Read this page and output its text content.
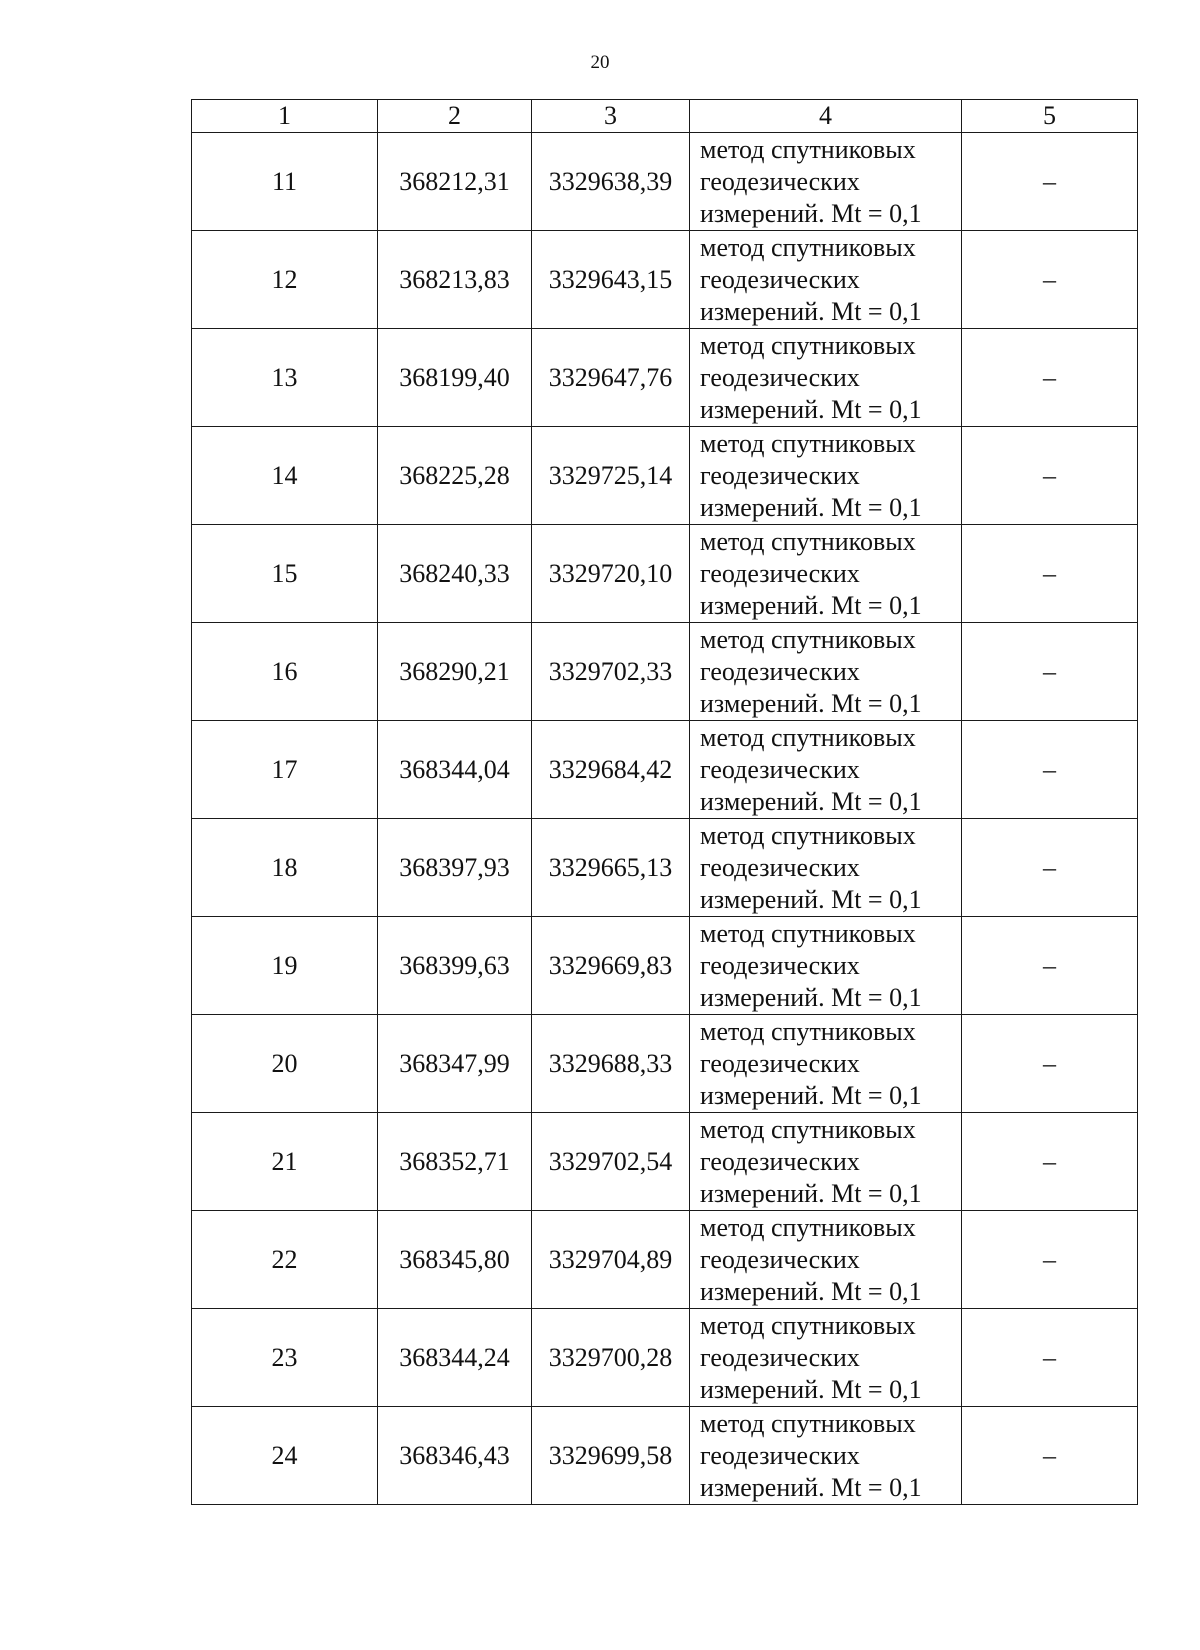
20
1	2	3	4	5
11	368212,31	3329638,39	метод спутниковых
геодезических
измерений. Mt = 0,1	–
12	368213,83	3329643,15	метод спутниковых
геодезических
измерений. Mt = 0,1	–
13	368199,40	3329647,76	метод спутниковых
геодезических
измерений. Mt = 0,1	–
14	368225,28	3329725,14	метод спутниковых
геодезических
измерений. Mt = 0,1	–
15	368240,33	3329720,10	метод спутниковых
геодезических
измерений. Mt = 0,1	–
16	368290,21	3329702,33	метод спутниковых
геодезических
измерений. Mt = 0,1	–
17	368344,04	3329684,42	метод спутниковых
геодезических
измерений. Mt = 0,1	–
18	368397,93	3329665,13	метод спутниковых
геодезических
измерений. Mt = 0,1	–
19	368399,63	3329669,83	метод спутниковых
геодезических
измерений. Mt = 0,1	–
20	368347,99	3329688,33	метод спутниковых
геодезических
измерений. Mt = 0,1	–
21	368352,71	3329702,54	метод спутниковых
геодезических
измерений. Mt = 0,1	–
22	368345,80	3329704,89	метод спутниковых
геодезических
измерений. Mt = 0,1	–
23	368344,24	3329700,28	метод спутниковых
геодезических
измерений. Mt = 0,1	–
24	368346,43	3329699,58	метод спутниковых
геодезических
измерений. Mt = 0,1	–
